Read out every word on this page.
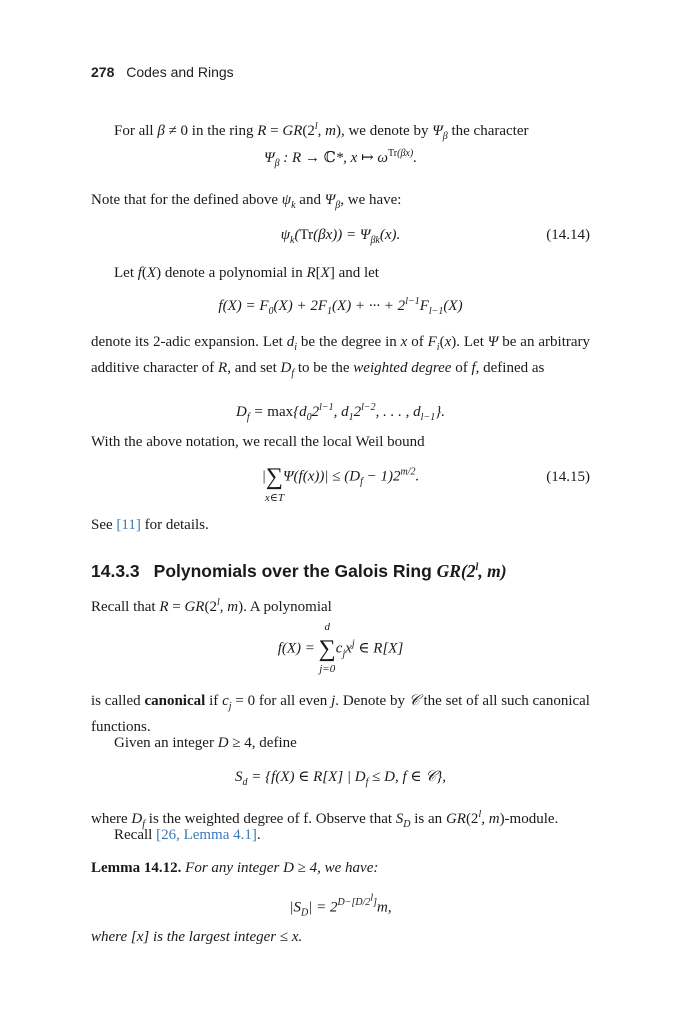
278 Codes and Rings
For all β ≠ 0 in the ring $R = GR(2^l$, m), we denote by $\Psi_\beta$ the character
$\Psi_\beta$ : R → ℂ*, x ↦ $\omega^{Tr(\beta x)}$.
Note that for the defined above $\psi_k$ and $\Psi_\beta$, we have:
$\psi_k(Tr(\beta x)) = \Psi_{\beta k}(x)$.	(14.14)
Let f(X) denote a polynomial in R[X] and let
$f(X) = F_0(X) + 2F_1(X)$ + ··· + $2^{l-1}F_{l-1}(X)$
denote its 2-adic expansion. Let $d_i$ be the degree in x of $F_i(x)$. Let Ψ be an arbitrary additive character of R, and set $D_f$ to be the weighted degree of f, defined as
$D_f = \max\{d_02^{l-1}$, $d_12^{l-2}$, . . . , $d_{l-1}$}.
With the above notation, we recall the local Weil bound
|∑
x∈T
$\Psi(f(x))| \le (D_f - 1)2^{m/2}$.	(14.15)
See [11] for details.
14.3.3 Polynomials over the Galois Ring GR(2$^l$, m)
Recall that $R = GR(2^l$, m). A polynomial
f(X) =
d
∑
j=0
$c_jx^j$ ∈ R[X]
is called canonical if $c_j = 0$ for all even j. Denote by 𝒞 the set of all such canonical functions.
Given an integer D ≥ 4, define
$S_d = \{f(X)$ ∈ R[X] | $D_f \le D$, f ∈ 𝒞},
where $D_f$ is the weighted degree of f. Observe that $S_D$ is an GR(2$^l$, m)-module.
Recall [26, Lemma 4.1].
Lemma 14.12. For any integer D ≥ 4, we have:
$|S_D| = 2^{D-[D/2^l]}m$,
where [x] is the largest integer ≤ x.
